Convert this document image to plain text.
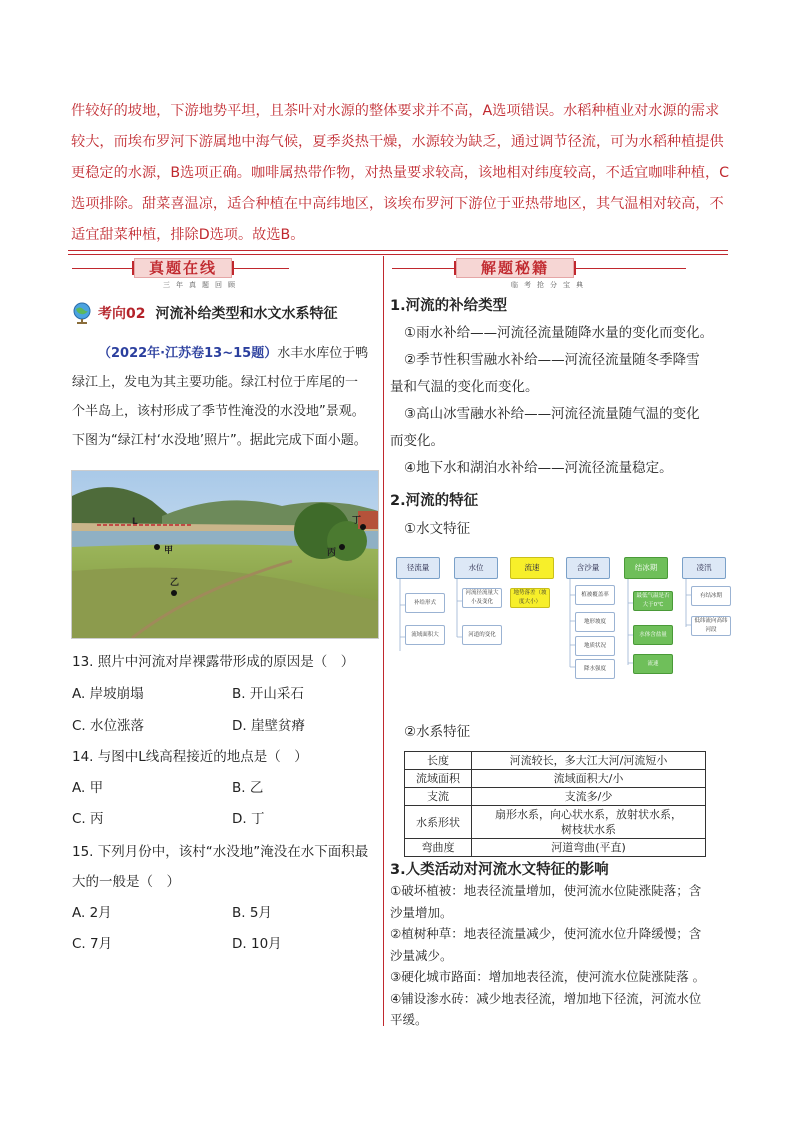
件较好的坡地，下游地势平坦，且茶叶对水源的整体要求并不高，A选项错误。水稻种植业对水源的需求

较大，而埃布罗河下游属地中海气候，夏季炎热干燥，水源较为缺乏，通过调节径流，可为水稻种植提供

更稳定的水源，B选项正确。咖啡属热带作物，对热量要求较高，该地相对纬度较高，不适宜咖啡种植，C

选项排除。甜菜喜温凉，适合种植在中高纬地区，该埃布罗河下游位于亚热带地区，其气温相对较高，不

适宜甜菜种植，排除D选项。故选B。

真题在线
三年真题回顾
考向02 河流补给类型和水文水系特征
（2022年·江苏卷13~15题）水丰水库位于鸭
绿江上，发电为其主要功能。绿江村位于库尾的一
个半岛上，该村形成了季节性淹没的水没地”景观。
下图为“绿江村‘水没地’照片”。据此完成下面小题。
L
甲
乙
丙
丁
13. 照片中河流对岸裸露带形成的原因是（　）
A. 岸坡崩塌	B. 开山采石
C. 水位涨落	D. 崖壁贫瘠
14. 与图中L线高程接近的地点是（　）
A. 甲	B. 乙
C. 丙	D. 丁
15. 下列月份中，该村“水没地”淹没在水下面积最
大的一般是（　）
A. 2月	B. 5月
C. 7月	D. 10月
解题秘籍
临考抢分宝典
1.河流的补给类型
①雨水补给——河流径流量随降水量的变化而变化。
②季节性积雪融水补给——河流径流量随冬季降雪
量和气温的变化而变化。
③高山冰雪融水补给——河流径流量随气温的变化
而变化。
④地下水和湖泊水补给——河流径流量稳定。
2.河流的特征
①水文特征
径流量	水位	流速	含沙量	结冰期	凌汛
补给形式
流域面积大
河流径流量大小及变化
河道的变化
地势落差（坡度大小）
植被覆盖率
地形坡度
地质状况
降水强度
最低气温是否大于0℃
水体含盐量
流速
有结冰期
低纬流向高纬河段
②水系特征
长度	河流较长，多大江大河/河流短小
流域面积	流域面积大/小
支流	支流多/少
水系形状	扇形水系，向心状水系，放射状水系，
树枝状水系

弯曲度	河道弯曲(平直)
3.人类活动对河流水文特征的影响
①破坏植被：地表径流量增加，使河流水位陡涨陡落；含
沙量增加。
②植树种草：地表径流量减少，使河流水位升降缓慢；含
沙量减少。
③硬化城市路面：增加地表径流，使河流水位陡涨陡落 。
④铺设渗水砖：减少地表径流，增加地下径流，河流水位
平缓。
